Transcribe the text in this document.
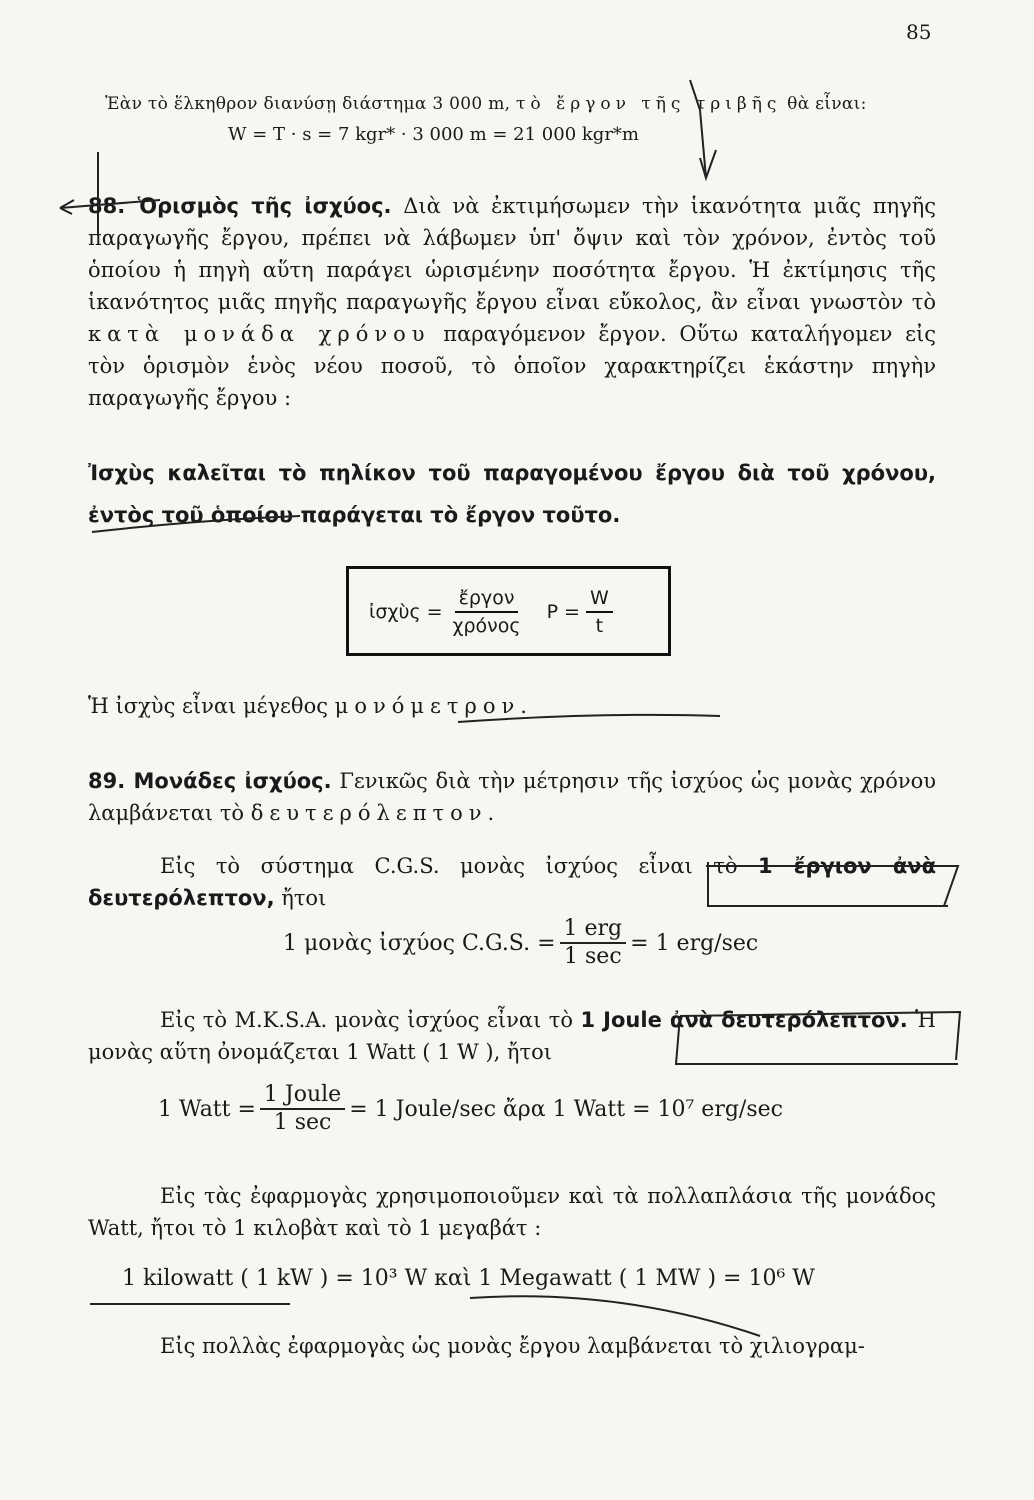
85
Ἐὰν τὸ ἕλκηθρον διανύσῃ διάστημα 3 000 m, τὸ ἔργον τῆς τριβῆς θὰ εἶναι:
W = T · s = 7 kgr* · 3 000 m = 21 000 kgr*m

88. Ὁρισμὸς τῆς ἰσχύος. Διὰ νὰ ἐκτιμήσωμεν τὴν ἱκανότητα μιᾶς πηγῆς παραγωγῆς ἔργου, πρέπει νὰ λάβωμεν ὑπ' ὄψιν καὶ τὸν χρόνον, ἐντὸς τοῦ ὁποίου ἡ πηγὴ αὕτη παράγει ὡρισμένην ποσότητα ἔργου. Ἡ ἐκτίμησις τῆς ἱκανότητος μιᾶς πηγῆς παραγωγῆς ἔργου εἶναι εὔκολος, ἂν εἶναι γνωστὸν τὸ κατὰ μονάδα χρόνου παραγόμενον ἔργον. Οὕτω καταλήγομεν εἰς τὸν ὁρισμὸν ἑνὸς νέου ποσοῦ, τὸ ὁποῖον χαρακτηρίζει ἑκάστην πηγὴν παραγωγῆς ἔργου :

Ἰσχὺς καλεῖται τὸ πηλίκον τοῦ παραγομένου ἔργου διὰ τοῦ χρόνου, ἐντὸς τοῦ ὁποίου παράγεται τὸ ἔργον τοῦτο.
ἰσχὺς = $\frac{\text{ἔργον}}{\text{χρόνος}}$ $P = \frac{W}{t}$

Ἡ ἰσχὺς εἶναι μέγεθος μονόμετρον.

89. Μονάδες ἰσχύος. Γενικῶς διὰ τὴν μέτρησιν τῆς ἰσχύος ὡς μονὰς χρόνου λαμβάνεται τὸ δευτερόλεπτον.

Εἰς τὸ σύστημα C.G.S. μονὰς ἰσχύος εἶναι τὸ 1 ἔργιον ἀνὰ δευτερόλεπτον, ἤτοι

1 μονὰς ἰσχύος C.G.S. = $\frac{\text{1 erg}}{1 \sec} = 1$ erg/sec

Εἰς τὸ M.K.S.A. μονὰς ἰσχύος εἶναι τὸ 1 Joule ἀνὰ δευτερόλεπτον. Ἡ μονὰς αὕτη ὀνομάζεται 1 Watt ( 1 W ), ἤτοι

1 Watt = $\frac{\text{1 Joule}}{1 \sec} = 1$ Joule/sec ἄρα 1 Watt = 10⁷ erg/sec
Εἰς τὰς ἐφαρμογὰς χρησιμοποιοῦμεν καὶ τὰ πολλαπλάσια τῆς μονάδος Watt, ἤτοι τὸ 1 κιλοβὰτ καὶ τὸ 1 μεγαβάτ :
1 kilowatt ( 1 kW ) = 10³ W καὶ 1 Megawatt ( 1 MW ) = 10⁶ W
Εἰς πολλὰς ἐφαρμογὰς ὡς μονὰς ἔργου λαμβάνεται τὸ χιλιογραμ-
